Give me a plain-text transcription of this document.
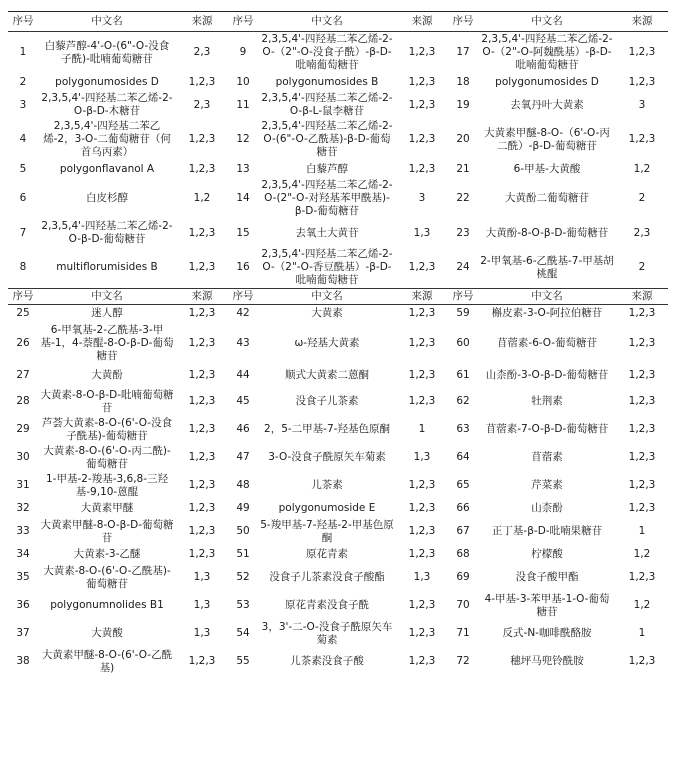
序号	中文名	来源	序号	中文名	来源	序号	中文名	来源
1	白藜芦醇-4'-O-(6"-O-没食子酰)-吡喃葡萄糖苷	2,3	9	2,3,5,4'-四羟基二苯乙烯-2-O-（2"-O-没食子酰）-β-D-吡喃葡萄糖苷	1,2,3	17	2,3,5,4'-四羟基二苯乙烯-2-O-（2"-O-阿魏酰基）-β-D-吡喃葡萄糖苷	1,2,3
2	polygonumosides D	1,2,3	10	polygonumosides B	1,2,3	18	polygonumosides D	1,2,3
3	2,3,5,4'-四羟基二苯乙烯-2-O-β-D-木糖苷	2,3	11	2,3,5,4'-四羟基二苯乙烯-2-O-β-L-鼠李糖苷	1,2,3	19	去氧丹叶大黄素	3
4	2,3,5,4'-四羟基二苯乙烯-2，3-O-二葡萄糖苷（何首乌丙素）	1,2,3	12	2,3,5,4'-四羟基二苯乙烯-2-O-(6"-O-乙酰基)-β-D-葡萄糖苷	1,2,3	20	大黄素甲醚-8-O-（6'-O-丙二酰）-β-D-葡萄糖苷	1,2,3
5	polygonflavanol A	1,2,3	13	白藜芦醇	1,2,3	21	6-甲基-大黄酸	1,2
6	白皮杉醇	1,2	14	2,3,5,4'-四羟基二苯乙烯-2-O-(2"-O-对羟基苯甲酰基)-β-D-葡萄糖苷	3	22	大黄酚二葡萄糖苷	2
7	2,3,5,4'-四羟基二苯乙烯-2-O-β-D-葡萄糖苷	1,2,3	15	去氧土大黄苷	1,3	23	大黄酚-8-O-β-D-葡萄糖苷	2,3
8	multiflorumisides B	1,2,3	16	2,3,5,4'-四羟基二苯乙烯-2-O-（2"-O-香豆酰基）-β-D-吡喃葡萄糖苷	1,2,3	24	2-甲氧基-6-乙酰基-7-甲基胡桃醌	2
序号	中文名	来源	序号	中文名	来源	序号	中文名	来源
25	迷人醇	1,2,3	42	大黄素	1,2,3	59	槲皮素-3-O-阿拉伯糖苷	1,2,3
26	6-甲氧基-2-乙酰基-3-甲基-1，4-萘醌-8-O-β-D-葡萄糖苷	1,2,3	43	ω-羟基大黄素	1,2,3	60	苜蓿素-6-O-葡萄糖苷	1,2,3
27	大黄酚	1,2,3	44	顺式大黄素二蒽酮	1,2,3	61	山柰酚-3-O-β-D-葡萄糖苷	1,2,3
28	大黄素-8-O-β-D-吡喃葡萄糖苷	1,2,3	45	没食子儿茶素	1,2,3	62	牡荆素	1,2,3
29	芦荟大黄素-8-O-(6'-O-没食子酰基)-葡萄糖苷	1,2,3	46	2，5-二甲基-7-羟基色原酮	1	63	苜蓿素-7-O-β-D-葡萄糖苷	1,2,3
30	大黄素-8-O-(6'-O-丙二酰)-葡萄糖苷	1,2,3	47	3-O-没食子酰原矢车菊素	1,3	64	苜蓿素	1,2,3
31	1-甲基-2-羧基-3,6,8-三羟基-9,10-蒽醌	1,2,3	48	儿茶素	1,2,3	65	芹菜素	1,2,3
32	大黄素甲醚	1,2,3	49	polygonumoside E	1,2,3	66	山柰酚	1,2,3
33	大黄素甲醚-8-O-β-D-葡萄糖苷	1,2,3	50	5-羧甲基-7-羟基-2-甲基色原酮	1,2,3	67	正丁基-β-D-吡喃果糖苷	1
34	大黄素-3-乙醚	1,2,3	51	原花青素	1,2,3	68	柠檬酸	1,2
35	大黄素-8-O-(6'-O-乙酰基)-葡萄糖苷	1,3	52	没食子儿茶素没食子酸酯	1,3	69	没食子酸甲酯	1,2,3
36	polygonumnolides B1	1,3	53	原花青素没食子酰	1,2,3	70	4-甲基-3-苯甲基-1-O-葡萄糖苷	1,2
37	大黄酸	1,3	54	3，3'-二-O-没食子酰原矢车菊素	1,2,3	71	反式-N-咖啡酰酪胺	1
38	大黄素甲醚-8-O-(6'-O-乙酰基)	1,2,3	55	儿茶素没食子酸	1,2,3	72	穗坪马兜铃酰胺	1,2,3
